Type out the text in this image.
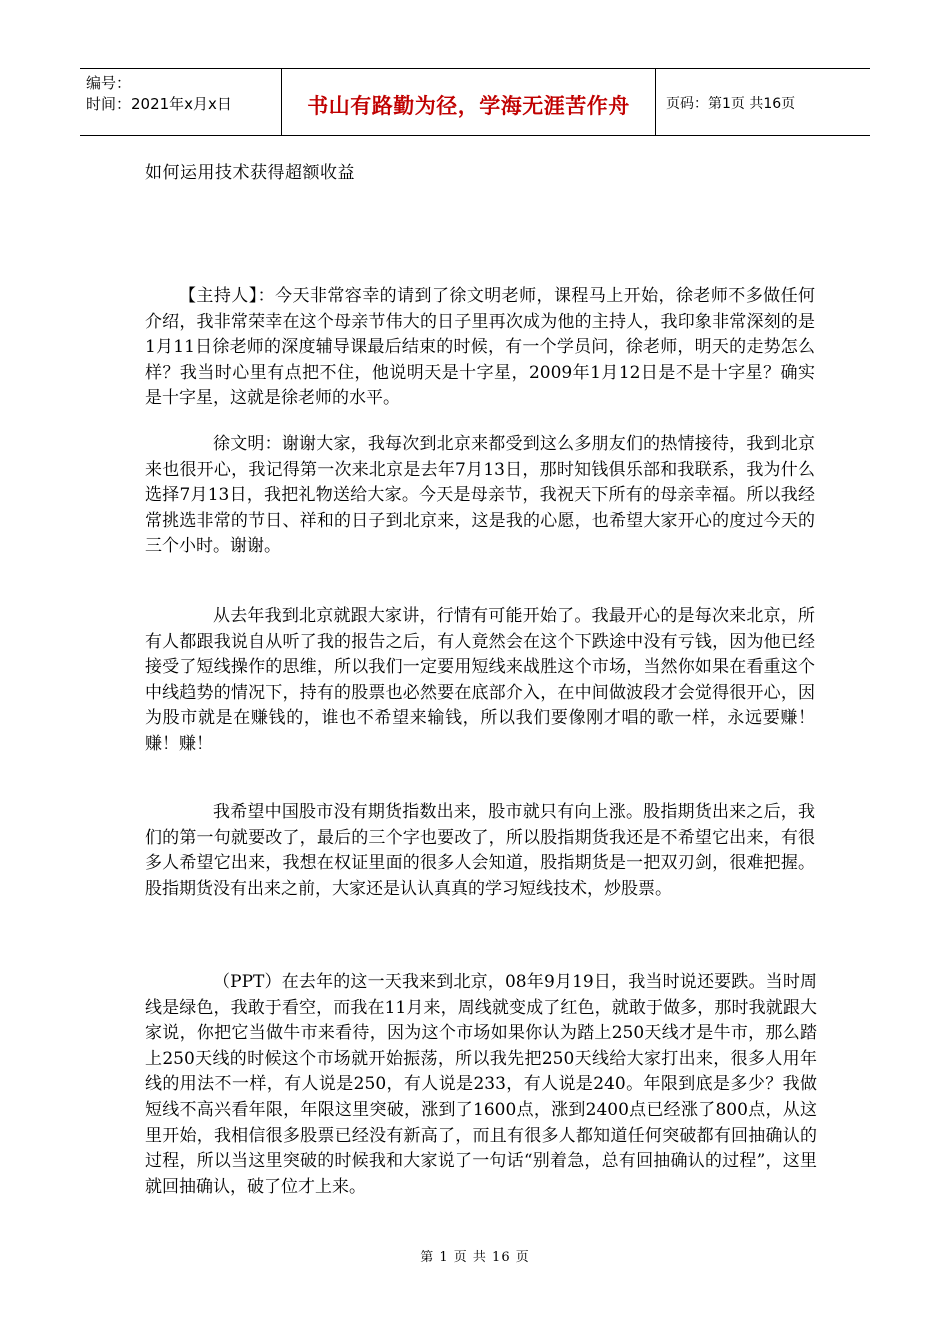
编号：
时间：2021年x月x日	书山有路勤为径，学海无涯苦作舟	页码：第1页 共16页
如何运用技术获得超额收益

【主持人】：今天非常容幸的请到了徐文明老师，课程马上开始，徐老师不多做任何介绍，我非常荣幸在这个母亲节伟大的日子里再次成为他的主持人，我印象非常深刻的是1月11日徐老师的深度辅导课最后结束的时候，有一个学员问，徐老师，明天的走势怎么样？我当时心里有点把不住，他说明天是十字星，2009年1月12日是不是十字星？确实是十字星，这就是徐老师的水平。

徐文明：谢谢大家，我每次到北京来都受到这么多朋友们的热情接待，我到北京来也很开心，我记得第一次来北京是去年7月13日，那时知钱俱乐部和我联系，我为什么选择7月13日，我把礼物送给大家。今天是母亲节，我祝天下所有的母亲幸福。所以我经常挑选非常的节日、祥和的日子到北京来，这是我的心愿，也希望大家开心的度过今天的三个小时。谢谢。

从去年我到北京就跟大家讲，行情有可能开始了。我最开心的是每次来北京，所有人都跟我说自从听了我的报告之后，有人竟然会在这个下跌途中没有亏钱，因为他已经接受了短线操作的思维，所以我们一定要用短线来战胜这个市场，当然你如果在看重这个中线趋势的情况下，持有的股票也必然要在底部介入，在中间做波段才会觉得很开心，因为股市就是在赚钱的，谁也不希望来输钱，所以我们要像刚才唱的歌一样，永远要赚！赚！赚！

我希望中国股市没有期货指数出来，股市就只有向上涨。股指期货出来之后，我们的第一句就要改了，最后的三个字也要改了，所以股指期货我还是不希望它出来，有很多人希望它出来，我想在权证里面的很多人会知道，股指期货是一把双刃剑，很难把握。股指期货没有出来之前，大家还是认认真真的学习短线技术，炒股票。

（PPT）在去年的这一天我来到北京，08年9月19日，我当时说还要跌。当时周线是绿色，我敢于看空，而我在11月来，周线就变成了红色，就敢于做多，那时我就跟大家说，你把它当做牛市来看待，因为这个市场如果你认为踏上250天线才是牛市，那么踏上250天线的时候这个市场就开始振荡，所以我先把250天线给大家打出来，很多人用年线的用法不一样，有人说是250，有人说是233，有人说是240。年限到底是多少？我做短线不高兴看年限，年限这里突破，涨到了1600点，涨到2400点已经涨了800点，从这里开始，我相信很多股票已经没有新高了，而且有很多人都知道任何突破都有回抽确认的过程，所以当这里突破的时候我和大家说了一句话“别着急，总有回抽确认的过程”，这里就回抽确认，破了位才上来。

第 1 页 共 16 页
